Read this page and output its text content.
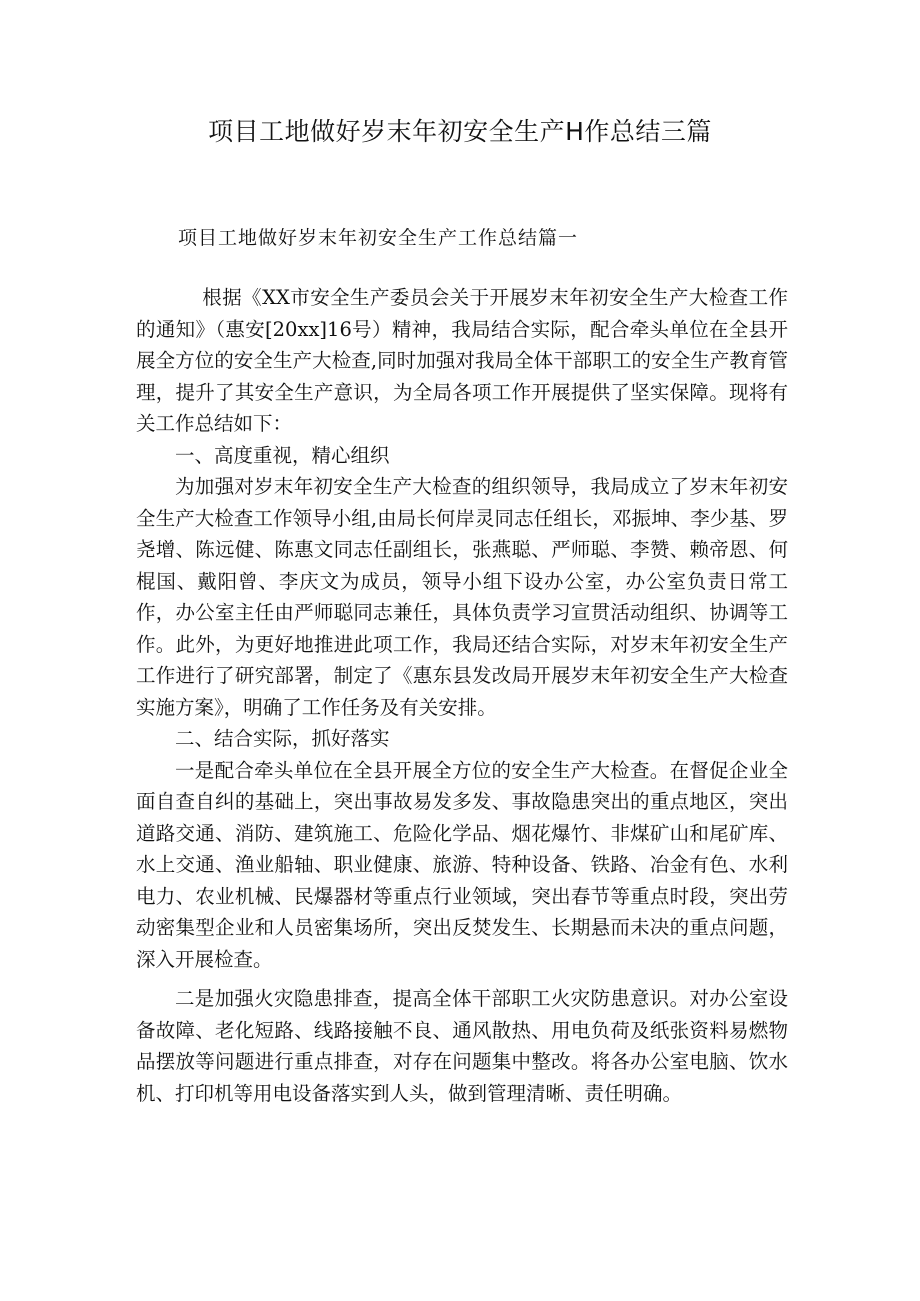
项目工地做好岁末年初安全生产H作总结三篇

项目工地做好岁末年初安全生产工作总结篇一

根据《XX市安全生产委员会关于开展岁末年初安全生产大检查工作的通知》（惠安[20xx]16号）精神，我局结合实际，配合牵头单位在全县开展全方位的安全生产大检查,同时加强对我局全体干部职工的安全生产教育管理，提升了其安全生产意识，为全局各项工作开展提供了坚实保障。现将有关工作总结如下：

一、高度重视，精心组织

为加强对岁末年初安全生产大检查的组织领导，我局成立了岁末年初安全生产大检查工作领导小组,由局长何岸灵同志任组长，邓振坤、李少基、罗尧增、陈远健、陈惠文同志任副组长，张燕聪、严师聪、李赞、赖帝恩、何棍国、戴阳曾、李庆文为成员，领导小组下设办公室，办公室负责日常工作，办公室主任由严师聪同志兼任，具体负责学习宣贯活动组织、协调等工作。此外，为更好地推进此项工作，我局还结合实际，对岁末年初安全生产工作进行了研究部署，制定了《惠东县发改局开展岁末年初安全生产大检查实施方案》，明确了工作任务及有关安排。

二、结合实际，抓好落实

一是配合牵头单位在全县开展全方位的安全生产大检查。在督促企业全面自查自纠的基础上，突出事故易发多发、事故隐患突出的重点地区，突出道路交通、消防、建筑施工、危险化学品、烟花爆竹、非煤矿山和尾矿库、水上交通、渔业船轴、职业健康、旅游、特种设备、铁路、冶金有色、水利电力、农业机械、民爆器材等重点行业领域，突出春节等重点时段，突出劳动密集型企业和人员密集场所，突出反焚发生、长期悬而未决的重点问题，深入开展检查。

二是加强火灾隐患排查，提高全体干部职工火灾防患意识。对办公室设备故障、老化短路、线路接触不良、通风散热、用电负荷及纸张资料易燃物品摆放等问题进行重点排查，对存在问题集中整改。将各办公室电脑、饮水机、打印机等用电设备落实到人头，做到管理清晰、责任明确。
